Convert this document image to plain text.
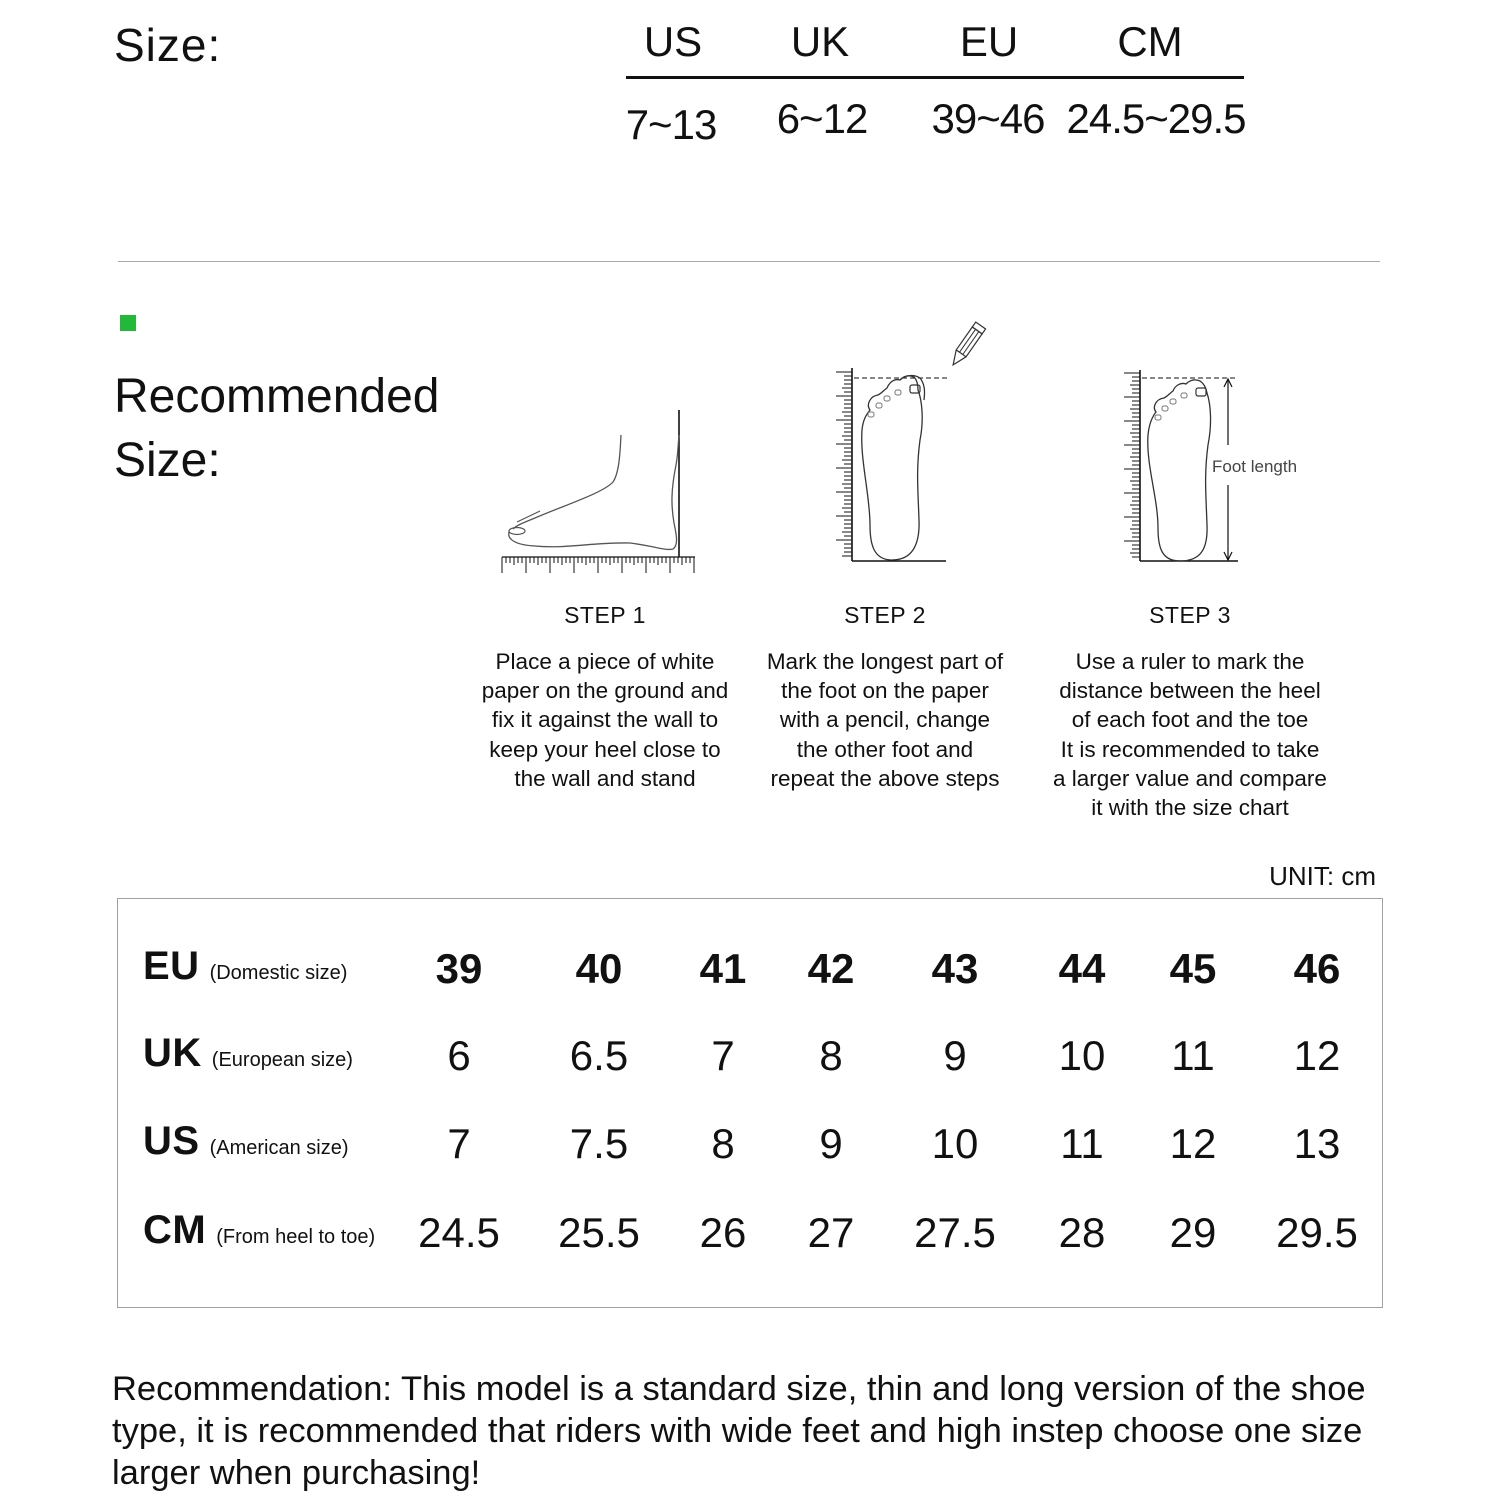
Size:	US UK	EU CM
7~13 6~12 39~46 24.5~29.5
Recommended
Size:	Foot length
STEP 1
Place a piece of white
paper on the ground and
fix it against the wall to
keep your heel close to
the wall and stand
STEP 2
Mark the longest part of
the foot on the paper
with a pencil, change
the other foot and
repeat the above steps
STEP 3
Use a ruler to mark the
distance between the heel
of each foot and the toe
It is recommended to take
a larger value and compare
it with the size chart
UNIT: cm
EU (Domestic size) 39 40 41 42 43 44 45 46
UK (European size) 6 6.5 7 8 9 10 11 12
US (American size) 7 7.5 8 9 10 11 12 13
CM (From heel to toe) 24.5 25.5 26 27 27.5 28 29 29.5
Recommendation: This model is a standard size, thin and long version of the shoe type, it is recommended that riders with wide feet and high instep choose one size larger when purchasing!
